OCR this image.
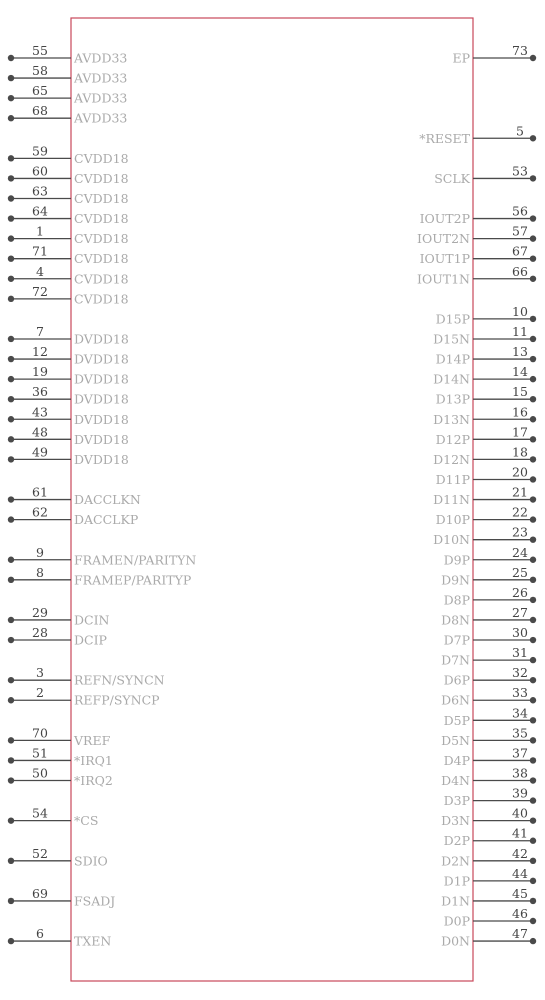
55 AVDD33
58 AVDD33
65 AVDD33
68 AVDD33
59 CVDD18
60 CVDD18
63 CVDD18
64 CVDD18
1 CVDD18
71 CVDD18
4 CVDD18
72 CVDD18
7 DVDD18
12 DVDD18
19 DVDD18
36 DVDD18
43 DVDD18
48 DVDD18
49 DVDD18
61 DACCLKN
62 DACCLKP
9 FRAMEN/PARITYN
8 FRAMEP/PARITYP
29 DCIN
28 DCIP
3 REFN/SYNCN
2 REFP/SYNCP
70 VREF
51 *IRQ1
50 *IRQ2
54 *CS
52 SDIO
69 FSADJ
6 TXEN
73
EP
5
*RESET
53
SCLK
56
IOUT2P
57
IOUT2N
67
IOUT1P
66
IOUT1N
10
D15P
11
D15N
13
D14P
14
D14N
15
D13P
16
D13N
17
D12P
18
D12N
20
D11P
21
D11N
22
D10P
23
D10N
24
D9P
25
D9N
26
D8P
27
D8N
30
D7P
31
D7N
32
D6P
33
D6N
34
D5P
35
D5N
37
D4P
38
D4N
39
D3P
40
D3N
41
D2P
42
D2N
44
D1P
45
D1N
46
D0P
47
D0N
